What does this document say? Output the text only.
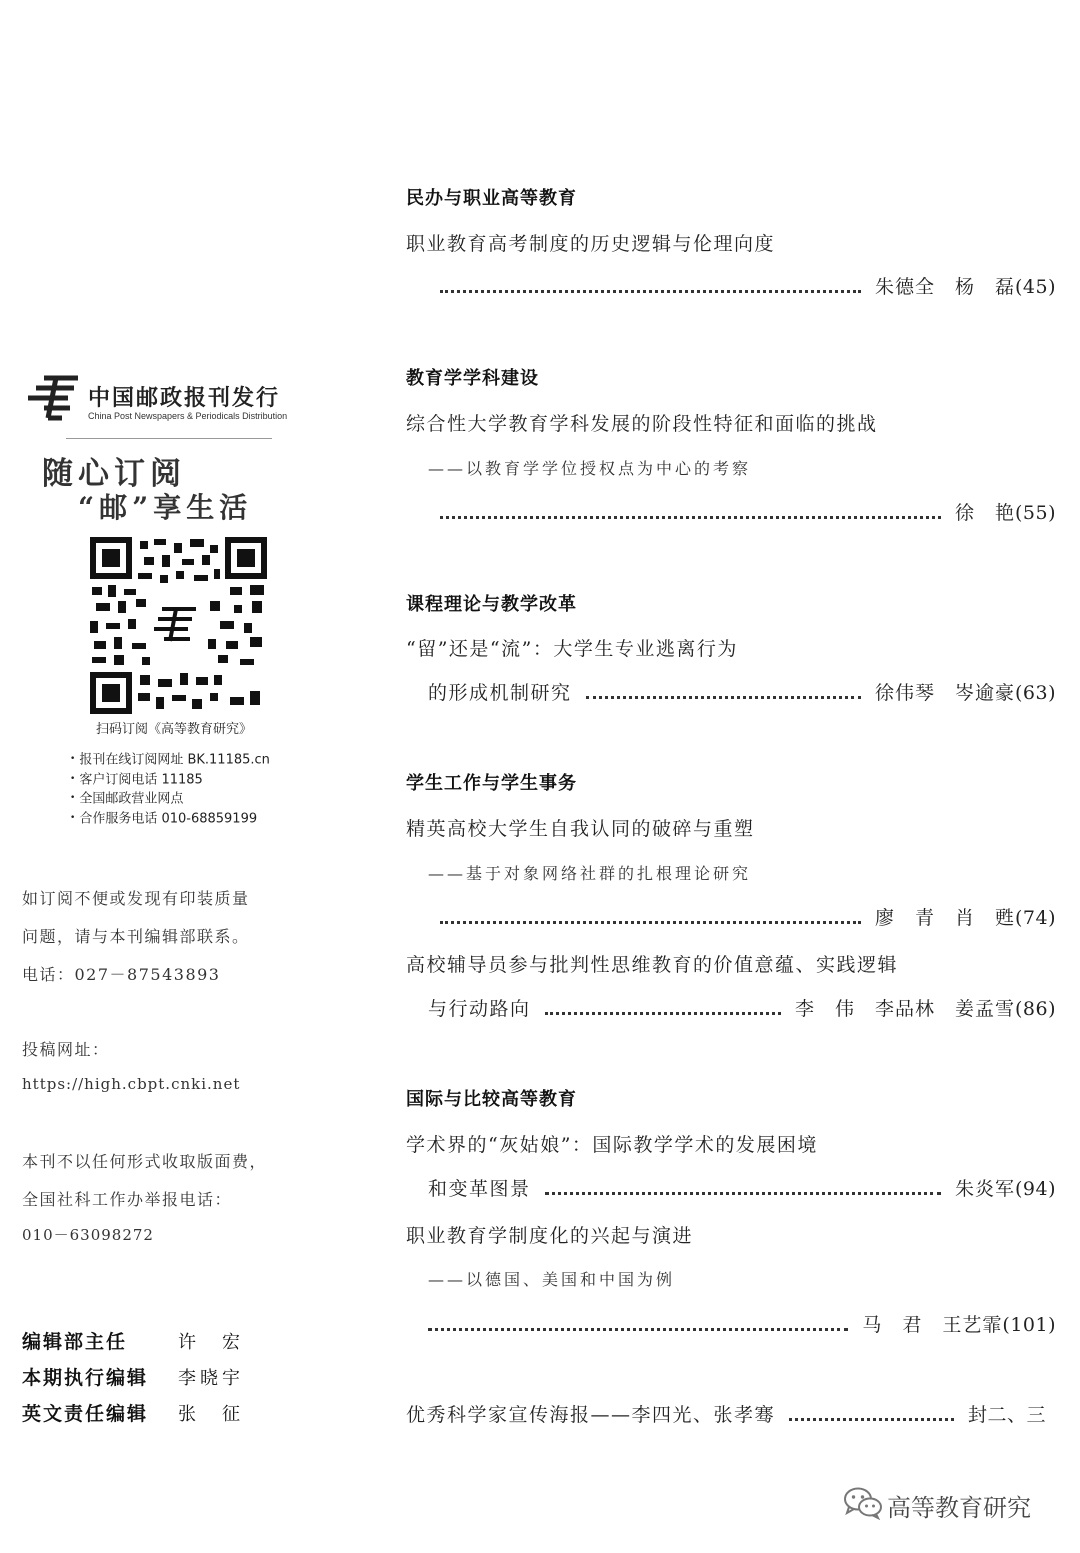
中国邮政报刊发行
China Post Newspapers & Periodicals Distribution
随心订阅
“邮”享生活
扫码订阅《高等教育研究》
• 报刊在线订阅网址 BK.11185.cn
• 客户订阅电话 11185
• 全国邮政营业网点
• 合作服务电话 010-68859199
如订阅不便或发现有印装质量
问题，请与本刊编辑部联系。
电话：027－87543893
投稿网址：
https://high.cbpt.cnki.net
本刊不以任何形式收取版面费，
全国社科工作办举报电话：
010－63098272
编辑部主任	许　宏
本期执行编辑 李晓宇
英文责任编辑 张　征
民办与职业高等教育
职业教育高考制度的历史逻辑与伦理向度
朱德全　杨　磊 (45)
教育学学科建设
综合性大学教育学科发展的阶段性特征和面临的挑战
——以教育学学位授权点为中心的考察
徐　艳 (55)
课程理论与教学改革
“留”还是“流”：大学生专业逃离行为
的形成机制研究	徐伟琴　岑逾豪 (63)
学生工作与学生事务
精英高校大学生自我认同的破碎与重塑
——基于对象网络社群的扎根理论研究
廖　青　肖　甦 (74)
高校辅导员参与批判性思维教育的价值意蕴、实践逻辑
与行动路向	李　伟　李品林　姜孟雪 (86)
国际与比较高等教育
学术界的“灰姑娘”：国际教学学术的发展困境
和变革图景	朱炎军 (94)
职业教育学制度化的兴起与演进
——以德国、美国和中国为例
马　君　王艺霏 (101)
优秀科学家宣传海报——李四光、张孝骞	封二、三
高等教育研究
